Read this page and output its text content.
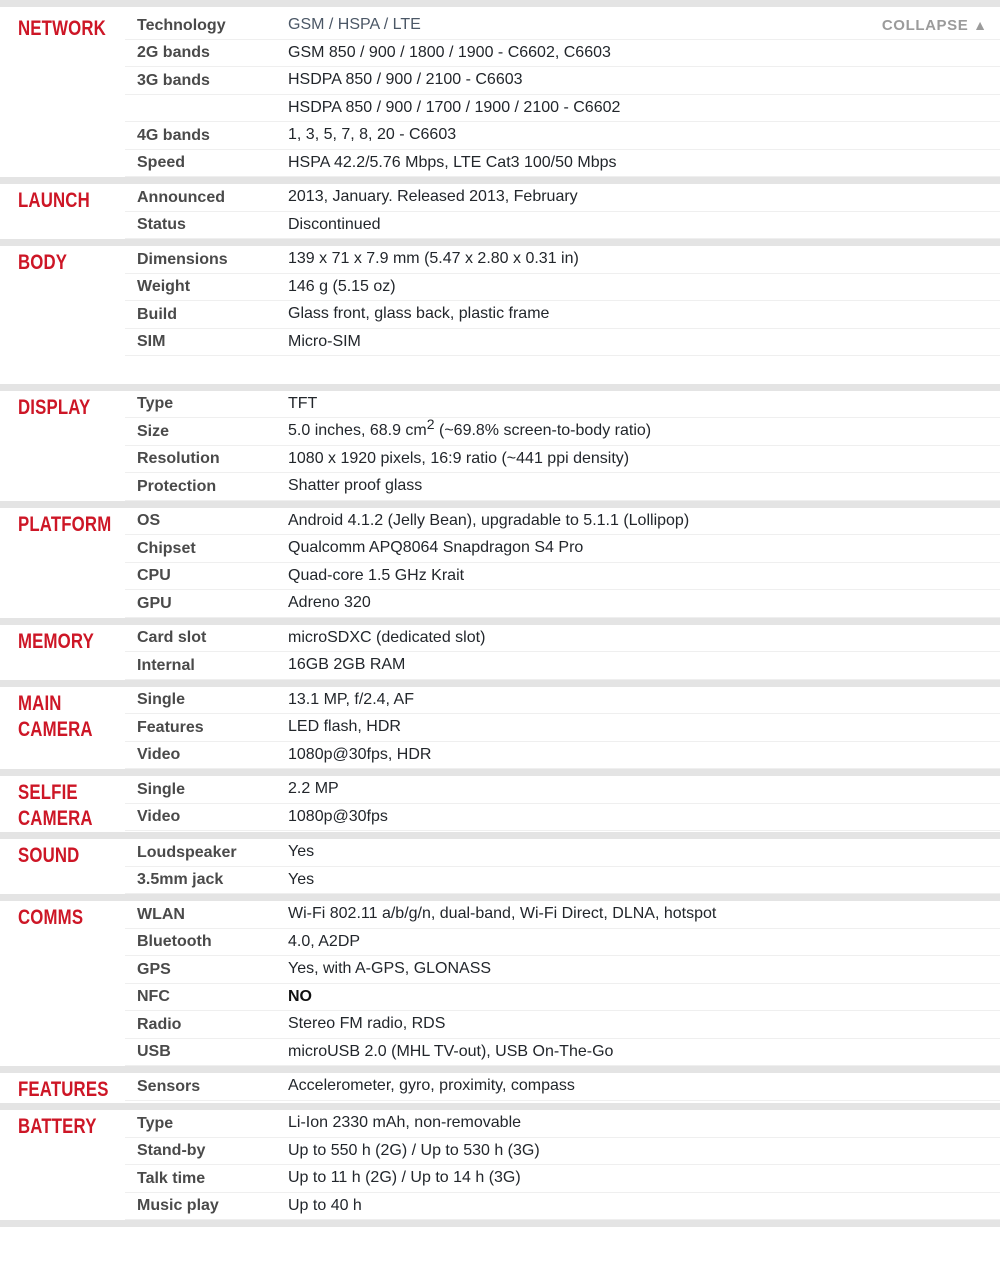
NETWORK	Technology	GSM / HSPA / LTE
2G bands	GSM 850 / 900 / 1800 / 1900 - C6602, C6603
3G bands	HSDPA 850 / 900 / 2100 - C6603
HSDPA 850 / 900 / 1700 / 1900 / 2100 - C6602
4G bands	1, 3, 5, 7, 8, 20 - C6603
Speed	HSPA 42.2/5.76 Mbps, LTE Cat3 100/50 Mbps
LAUNCH	Announced	2013, January. Released 2013, February
Status	Discontinued
BODY	Dimensions	139 x 71 x 7.9 mm (5.47 x 2.80 x 0.31 in)
Weight	146 g (5.15 oz)
Build	Glass front, glass back, plastic frame
SIM	Micro-SIM
DISPLAY	Type	TFT
Size	5.0 inches, 68.9 $cm^2$ (~69.8% screen-to-body ratio)
Resolution	1080 x 1920 pixels, 16:9 ratio (~441 ppi density)
Protection	Shatter proof glass
PLATFORM	OS	Android 4.1.2 (Jelly Bean), upgradable to 5.1.1 (Lollipop)
Chipset	Qualcomm APQ8064 Snapdragon S4 Pro
CPU	Quad-core 1.5 GHz Krait
GPU	Adreno 320
MEMORY	Card slot	microSDXC (dedicated slot)
Internal	16GB 2GB RAM
MAIN CAMERA
Single	13.1 MP, f/2.4, AF
Features	LED flash, HDR
Video	1080p@30fps, HDR
SELFIE CAMERA
Single	2.2 MP
Video	1080p@30fps
SOUND	Loudspeaker	Yes
3.5mm jack	Yes
COMMS	WLAN	Wi-Fi 802.11 a/b/g/n, dual-band, Wi-Fi Direct, DLNA, hotspot
Bluetooth	4.0, A2DP
GPS	Yes, with A-GPS, GLONASS
NFC	NO
Radio	Stereo FM radio, RDS
USB	microUSB 2.0 (MHL TV-out), USB On-The-Go
FEATURES	Sensors	Accelerometer, gyro, proximity, compass
BATTERY	Type	Li-Ion 2330 mAh, non-removable
Stand-by	Up to 550 h (2G) / Up to 530 h (3G)
Talk time	Up to 11 h (2G) / Up to 14 h (3G)
Music play	Up to 40 h
COLLAPSE ▲
